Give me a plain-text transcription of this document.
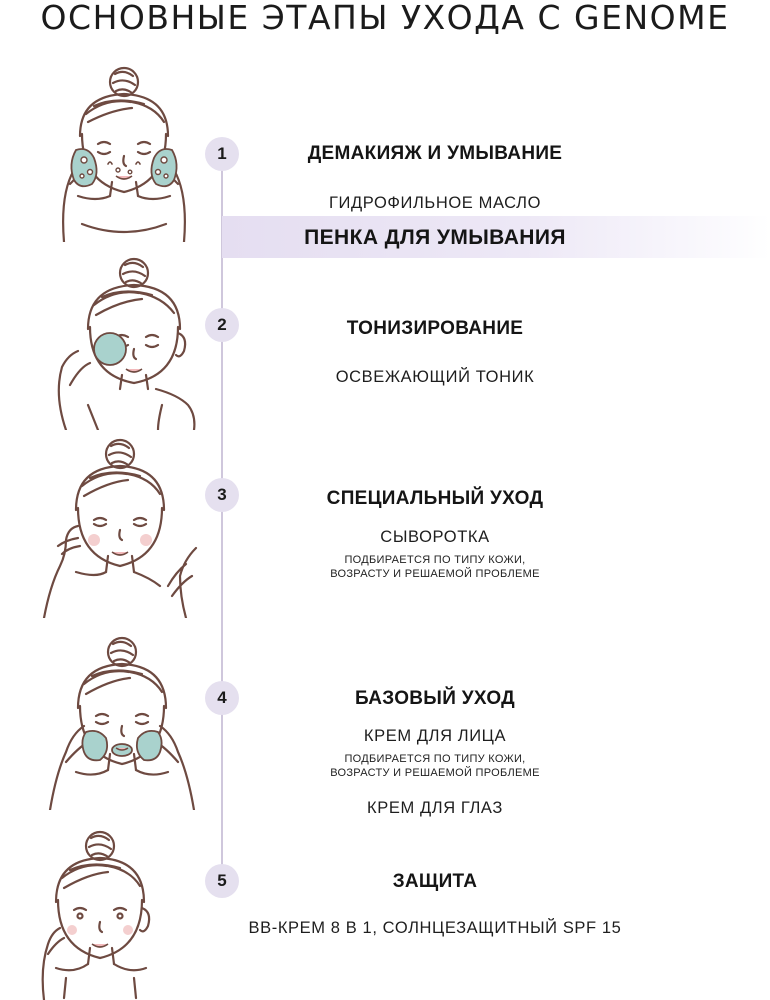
ОСНОВНЫЕ ЭТАПЫ УХОДА С GENOME
1	ДЕМАКИЯЖ И УМЫВАНИЕ
ГИДРОФИЛЬНОЕ МАСЛО
ПЕНКА ДЛЯ УМЫВАНИЯ
2	ТОНИЗИРОВАНИЕ
ОСВЕЖАЮЩИЙ ТОНИК
3	СПЕЦИАЛЬНЫЙ УХОД
СЫВОРОТКА
ПОДБИРАЕТСЯ ПО ТИПУ КОЖИ,
ВОЗРАСТУ И РЕШАЕМОЙ ПРОБЛЕМЕ
4	БАЗОВЫЙ УХОД
КРЕМ ДЛЯ ЛИЦА
ПОДБИРАЕТСЯ ПО ТИПУ КОЖИ,
ВОЗРАСТУ И РЕШАЕМОЙ ПРОБЛЕМЕ
КРЕМ ДЛЯ ГЛАЗ
5	ЗАЩИТА
BB-КРЕМ 8 В 1, СОЛНЦЕЗАЩИТНЫЙ SPF 15
